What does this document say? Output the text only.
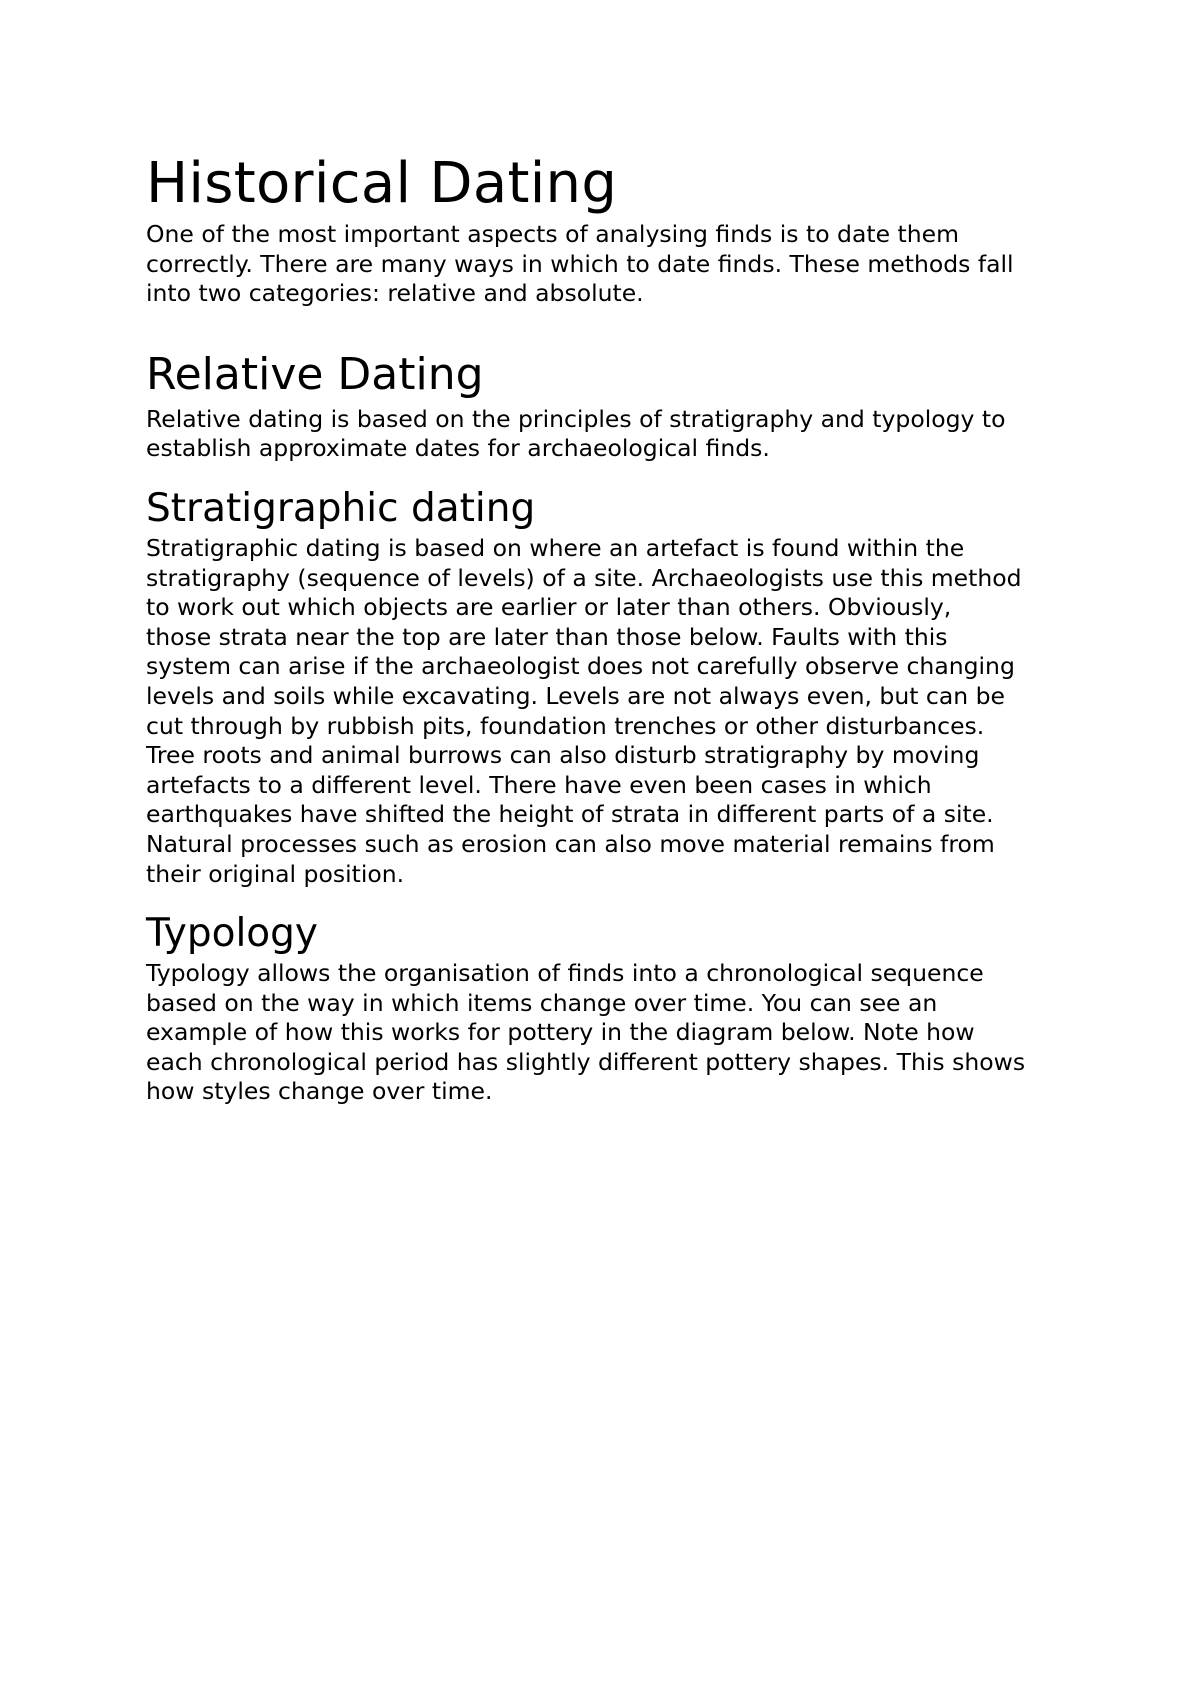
Historical Dating

One of the most important aspects of analysing finds is to date them
correctly. There are many ways in which to date finds. These methods fall
into two categories: relative and absolute.

Relative Dating

Relative dating is based on the principles of stratigraphy and typology to
establish approximate dates for archaeological finds.

Stratigraphic dating

Stratigraphic dating is based on where an artefact is found within the
stratigraphy (sequence of levels) of a site. Archaeologists use this method
to work out which objects are earlier or later than others. Obviously,
those strata near the top are later than those below. Faults with this
system can arise if the archaeologist does not carefully observe changing
levels and soils while excavating. Levels are not always even, but can be
cut through by rubbish pits, foundation trenches or other disturbances.
Tree roots and animal burrows can also disturb stratigraphy by moving
artefacts to a different level. There have even been cases in which
earthquakes have shifted the height of strata in different parts of a site.
Natural processes such as erosion can also move material remains from
their original position.

Typology

Typology allows the organisation of finds into a chronological sequence
based on the way in which items change over time. You can see an
example of how this works for pottery in the diagram below. Note how
each chronological period has slightly different pottery shapes. This shows
how styles change over time.
